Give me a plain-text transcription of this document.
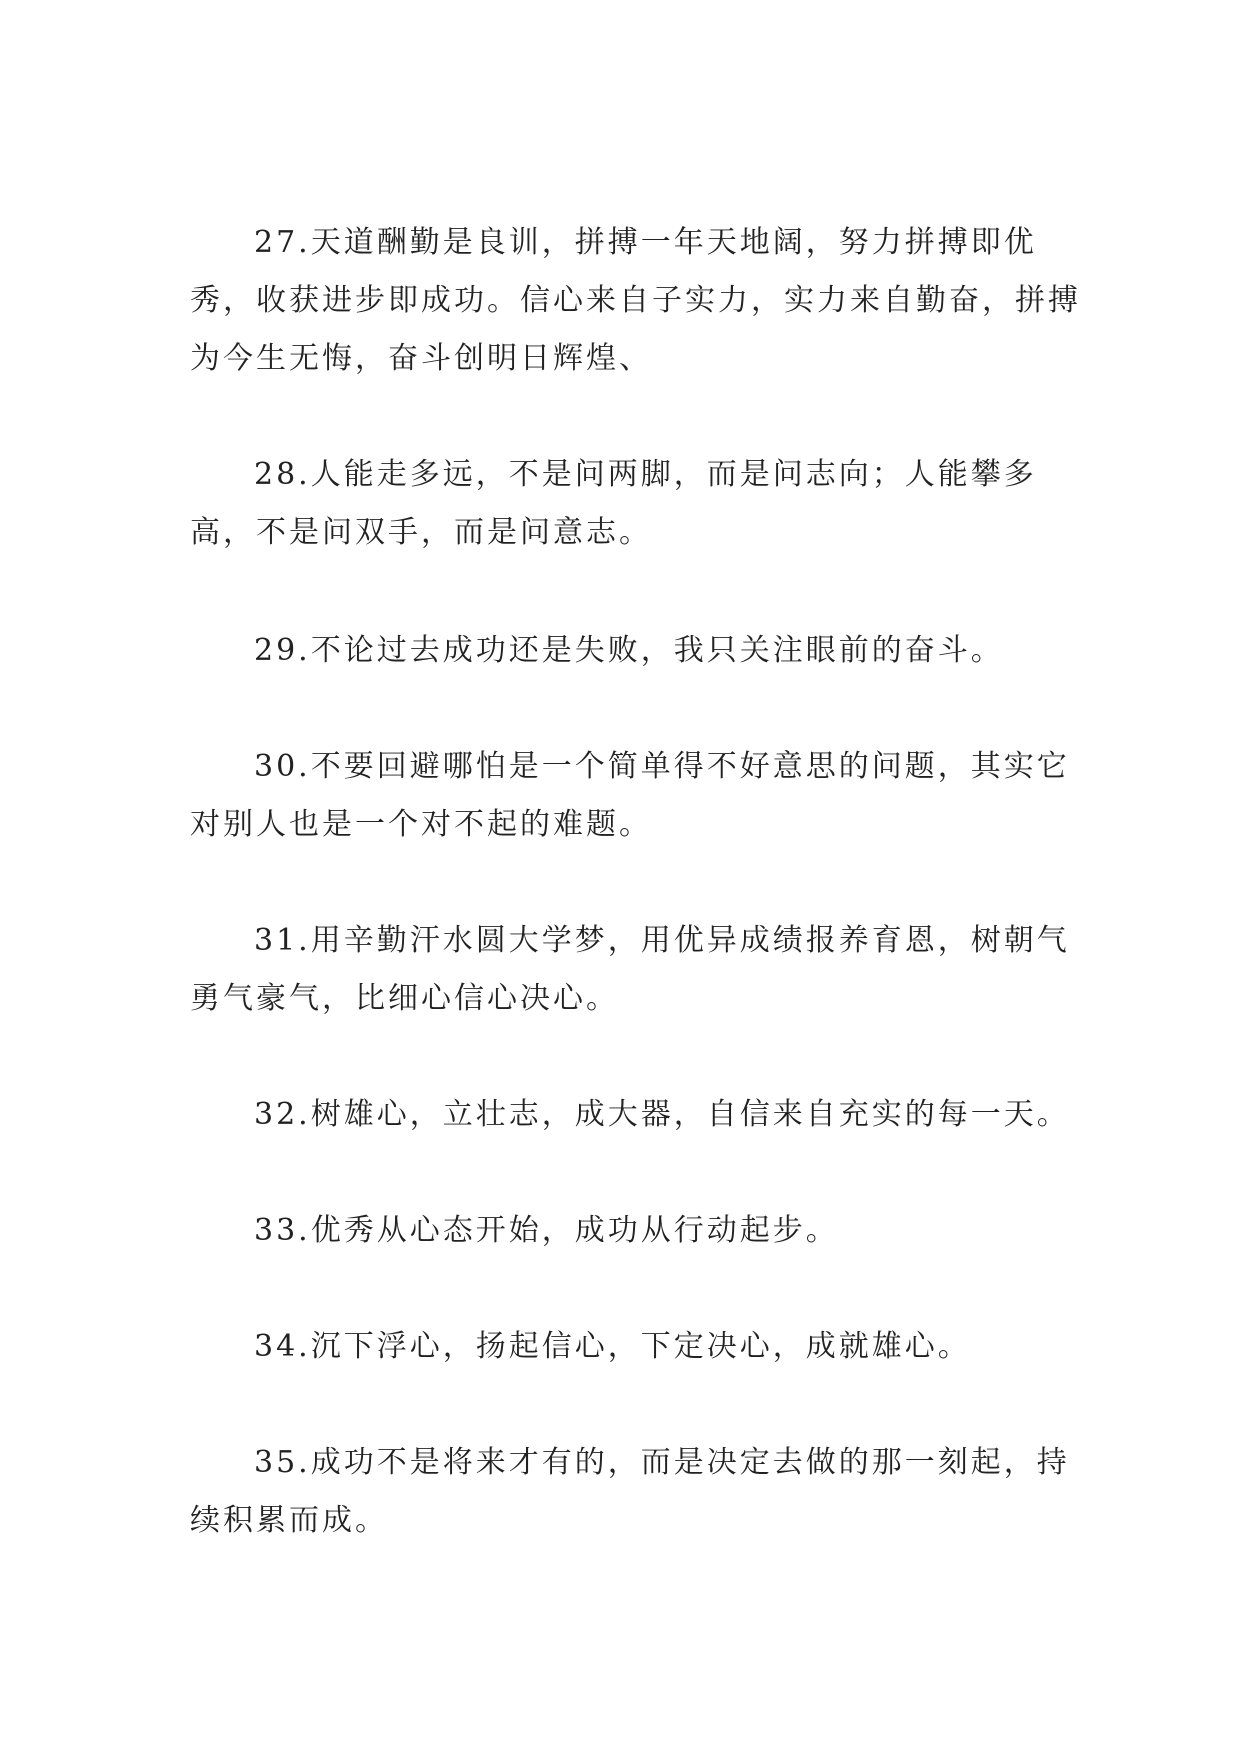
27.天道酬勤是良训，拼搏一年天地阔，努力拼搏即优秀，收获进步即成功。信心来自子实力，实力来自勤奋，拼搏为今生无悔，奋斗创明日辉煌、

28.人能走多远，不是问两脚，而是问志向；人能攀多高，不是问双手，而是问意志。

29.不论过去成功还是失败，我只关注眼前的奋斗。

30.不要回避哪怕是一个简单得不好意思的问题，其实它对别人也是一个对不起的难题。

31.用辛勤汗水圆大学梦，用优异成绩报养育恩，树朝气勇气豪气，比细心信心决心。

32.树雄心，立壮志，成大器，自信来自充实的每一天。

33.优秀从心态开始，成功从行动起步。

34.沉下浮心，扬起信心，下定决心，成就雄心。

35.成功不是将来才有的，而是决定去做的那一刻起，持续积累而成。
